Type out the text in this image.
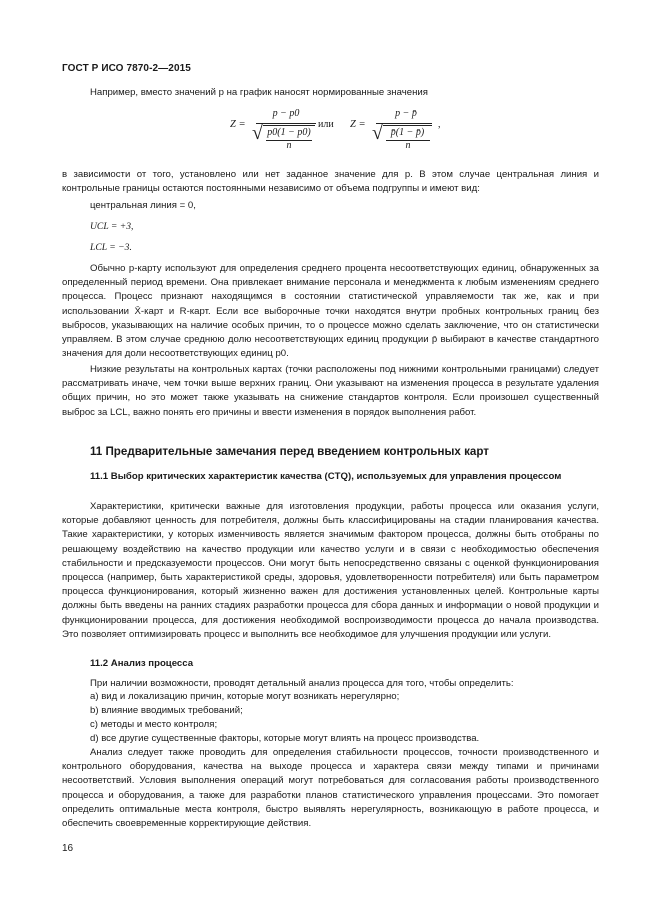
ГОСТ Р ИСО 7870-2—2015
Например, вместо значений p на график наносят нормированные значения
Z =
p − p0
√ p0(1 − p0)
n
или Z =
p − p̄
√ p̄(1 − p̄)
n
,
в зависимости от того, установлено или нет заданное значение для p. В этом случае центральная линия и контрольные границы остаются постоянными независимо от объема подгруппы и имеют вид:
центральная линия = 0,
UCL = +3,
LCL = −3.
Обычно p-карту используют для определения среднего процента несоответствующих единиц, обнаруженных за определенный период времени. Она привлекает внимание персонала и менеджмента к любым изменениям среднего процесса. Процесс признают находящимся в состоянии статистической управляемости так же, как и при использовании X̄-карт и R-карт. Если все выборочные точки находятся внутри пробных контрольных границ без выбросов, указывающих на наличие особых причин, то о процессе можно сделать заключение, что он статистически управляем. В этом случае среднюю долю несоответствующих единиц продукции p̄ выбирают в качестве стандартного значения для доли несоответствующих единиц p0.
Низкие результаты на контрольных картах (точки расположены под нижними контрольными границами) следует рассматривать иначе, чем точки выше верхних границ. Они указывают на изменения процесса в результате удаления общих причин, но это может также указывать на снижение стандартов контроля. Если произошел существенный выброс за LCL, важно понять его причины и ввести изменения в порядок выполнения работ.
11 Предварительные замечания перед введением контрольных карт
11.1 Выбор критических характеристик качества (CTQ), используемых для управления процессом
Характеристики, критически важные для изготовления продукции, работы процесса или оказания услуги, которые добавляют ценность для потребителя, должны быть классифицированы на стадии планирования качества. Такие характеристики, у которых изменчивость является значимым фактором процесса, должны быть отобраны по решающему воздействию на качество продукции или качество услуги и в связи с необходимостью обеспечения стабильности и предсказуемости процессов. Они могут быть непосредственно связаны с оценкой функционирования процесса (например, быть характеристикой среды, здоровья, удовлетворенности потребителя) или быть параметром процесса функционирования, который жизненно важен для достижения установленных целей. Контрольные карты должны быть введены на ранних стадиях разработки процесса для сбора данных и информации о новой продукции и функционировании процесса, для достижения необходимой воспроизводимости процесса до начала производства. Это позволяет оптимизировать процесс и выполнить все необходимое для улучшения продукции или услуги.
11.2 Анализ процесса
При наличии возможности, проводят детальный анализ процесса для того, чтобы определить:
a) вид и локализацию причин, которые могут возникать нерегулярно;
b) влияние вводимых требований;
c) методы и место контроля;
d) все другие существенные факторы, которые могут влиять на процесс производства.
Анализ следует также проводить для определения стабильности процессов, точности производственного и контрольного оборудования, качества на выходе процесса и характера связи между типами и причинами несоответствий. Условия выполнения операций могут потребоваться для согласования работы производственного процесса и оборудования, а также для разработки планов статистического управления процессами. Это помогает определить оптимальные места контроля, быстро выявлять нерегулярность, возникающую в работе процесса, и обеспечить своевременные корректирующие действия.
16
